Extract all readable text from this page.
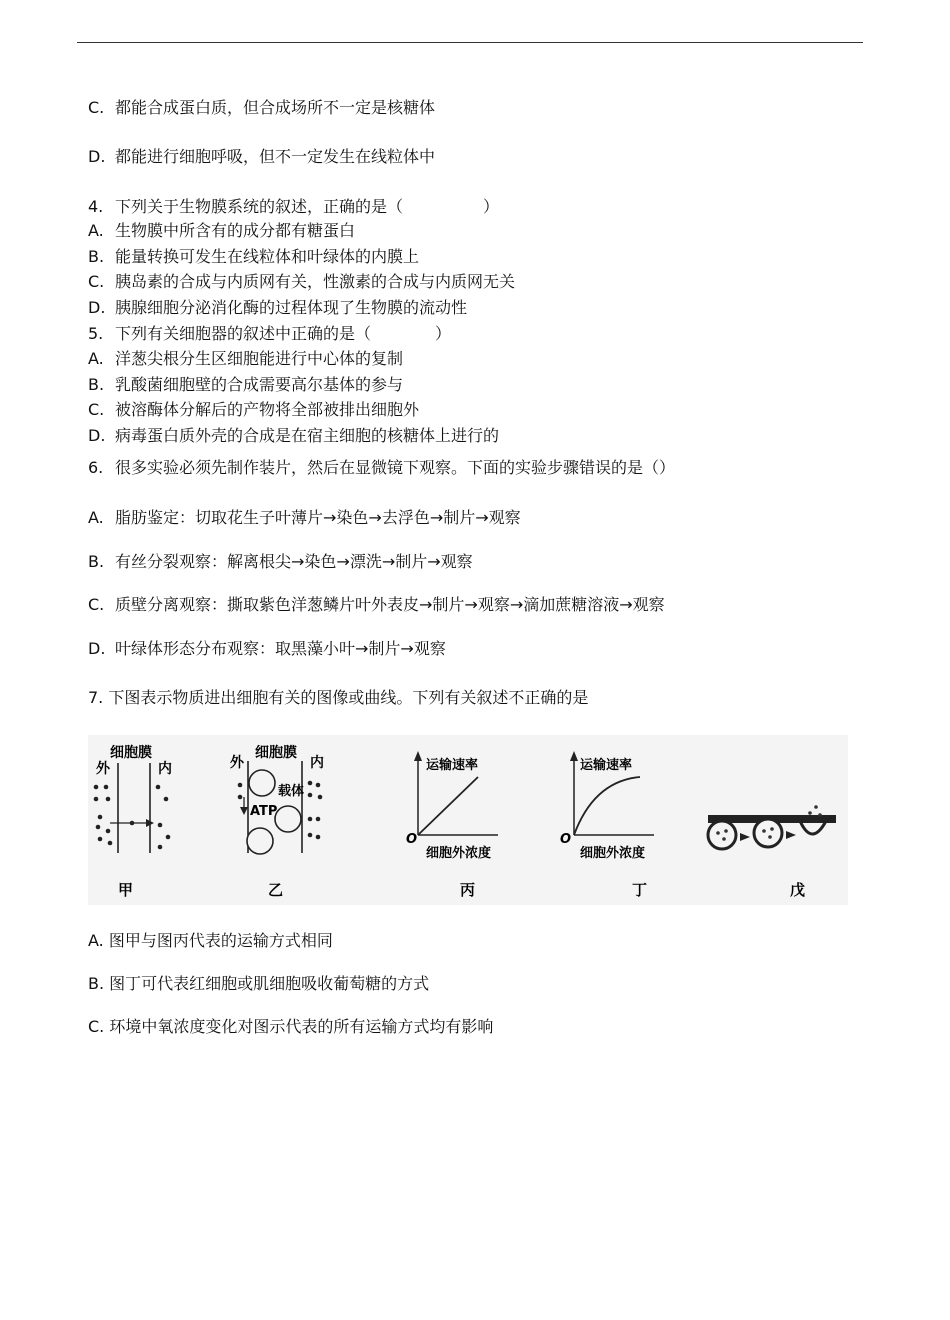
C. 都能合成蛋白质，但合成场所不一定是核糖体
D. 都能进行细胞呼吸，但不一定发生在线粒体中
4. 下列关于生物膜系统的叙述，正确的是（　　　　　）
A. 生物膜中所含有的成分都有糖蛋白
B. 能量转换可发生在线粒体和叶绿体的内膜上
C. 胰岛素的合成与内质网有关，性激素的合成与内质网无关
D. 胰腺细胞分泌消化酶的过程体现了生物膜的流动性
5. 下列有关细胞器的叙述中正确的是（　　　　）
A. 洋葱尖根分生区细胞能进行中心体的复制
B. 乳酸菌细胞壁的合成需要高尔基体的参与
C. 被溶酶体分解后的产物将全部被排出细胞外
D. 病毒蛋白质外壳的合成是在宿主细胞的核糖体上进行的
6. 很多实验必须先制作装片，然后在显微镜下观察。下面的实验步骤错误的是（）
A. 脂肪鉴定：切取花生子叶薄片→染色→去浮色→制片→观察
B. 有丝分裂观察：解离根尖→染色→漂洗→制片→观察
C. 质壁分离观察：撕取紫色洋葱鳞片叶外表皮→制片→观察→滴加蔗糖溶液→观察
D. 叶绿体形态分布观察：取黑藻小叶→制片→观察
7. 下图表示物质进出细胞有关的图像或曲线。下列有关叙述不正确的是
细胞膜
外	内
甲
细胞膜
外	内
载体
ATP
乙
运输速率
O
细胞外浓度
丙
运输速率
O
细胞外浓度
丁	戊
A. 图甲与图丙代表的运输方式相同
B. 图丁可代表红细胞或肌细胞吸收葡萄糖的方式
C. 环境中氧浓度变化对图示代表的所有运输方式均有影响
